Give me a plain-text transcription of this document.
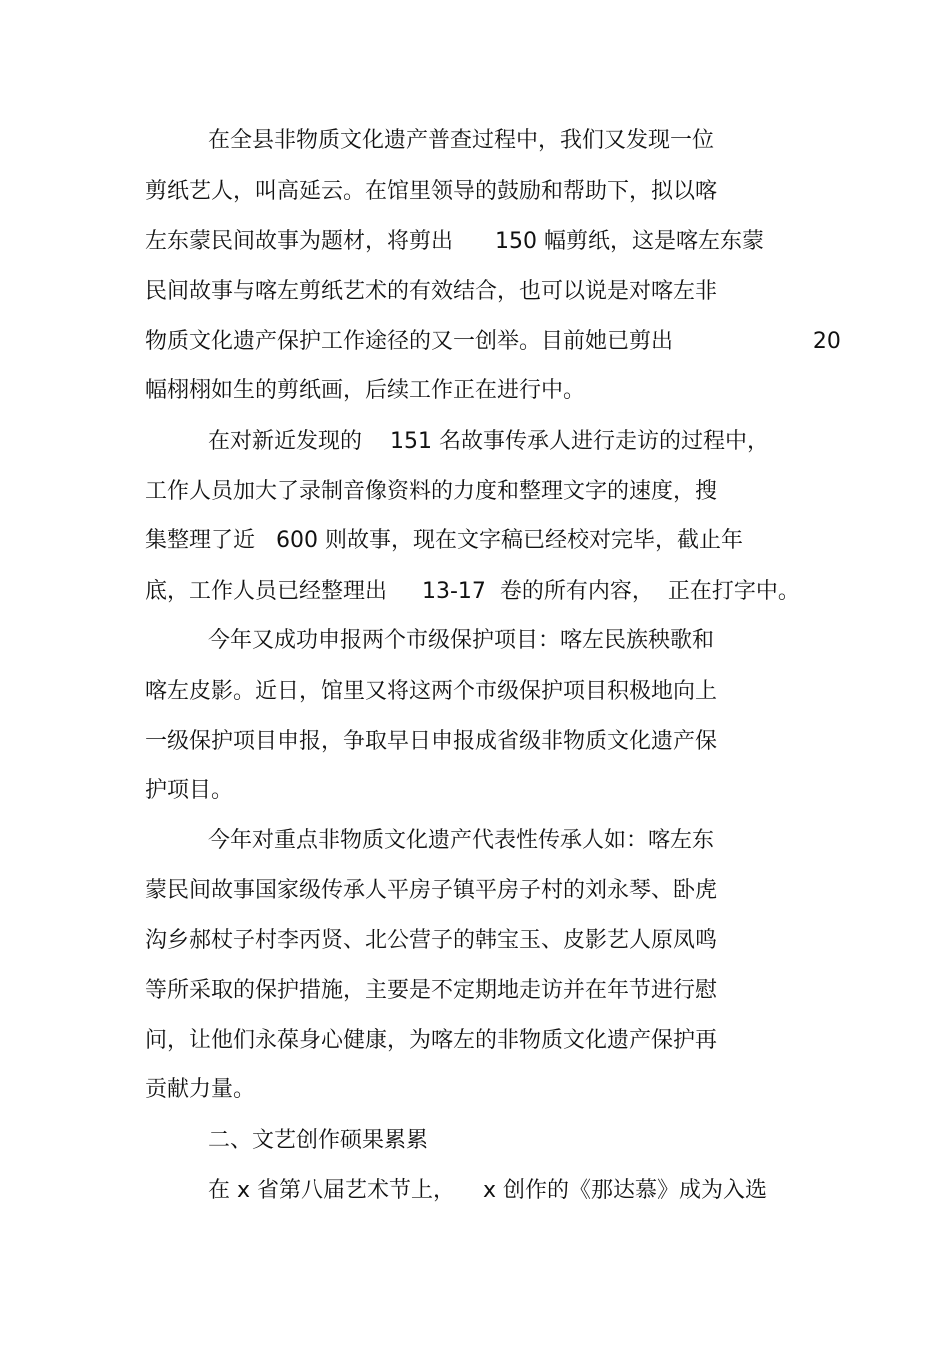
在全县非物质文化遗产普查过程中，我们又发现一位
剪纸艺人，叫高延云。在馆里领导的鼓励和帮助下，拟以喀
左东蒙民间故事为题材，将剪出      150 幅剪纸，这是喀左东蒙
民间故事与喀左剪纸艺术的有效结合，也可以说是对喀左非
物质文化遗产保护工作途径的又一创举。目前她已剪出                    20
幅栩栩如生的剪纸画，后续工作正在进行中。
在对新近发现的    151 名故事传承人进行走访的过程中，
工作人员加大了录制音像资料的力度和整理文字的速度，搜
集整理了近   600 则故事，现在文字稿已经校对完毕，截止年
底，工作人员已经整理出     13-17  卷的所有内容，  正在打字中。
今年又成功申报两个市级保护项目：喀左民族秧歌和
喀左皮影。近日，馆里又将这两个市级保护项目积极地向上
一级保护项目申报，争取早日申报成省级非物质文化遗产保
护项目。
今年对重点非物质文化遗产代表性传承人如：喀左东
蒙民间故事国家级传承人平房子镇平房子村的刘永琴、卧虎
沟乡郝杖子村李丙贤、北公营子的韩宝玉、皮影艺人原凤鸣
等所采取的保护措施，主要是不定期地走访并在年节进行慰
问，让他们永葆身心健康，为喀左的非物质文化遗产保护再
贡献力量。
二、文艺创作硕果累累
在 x 省第八届艺术节上，    x 创作的《那达慕》成为入选
